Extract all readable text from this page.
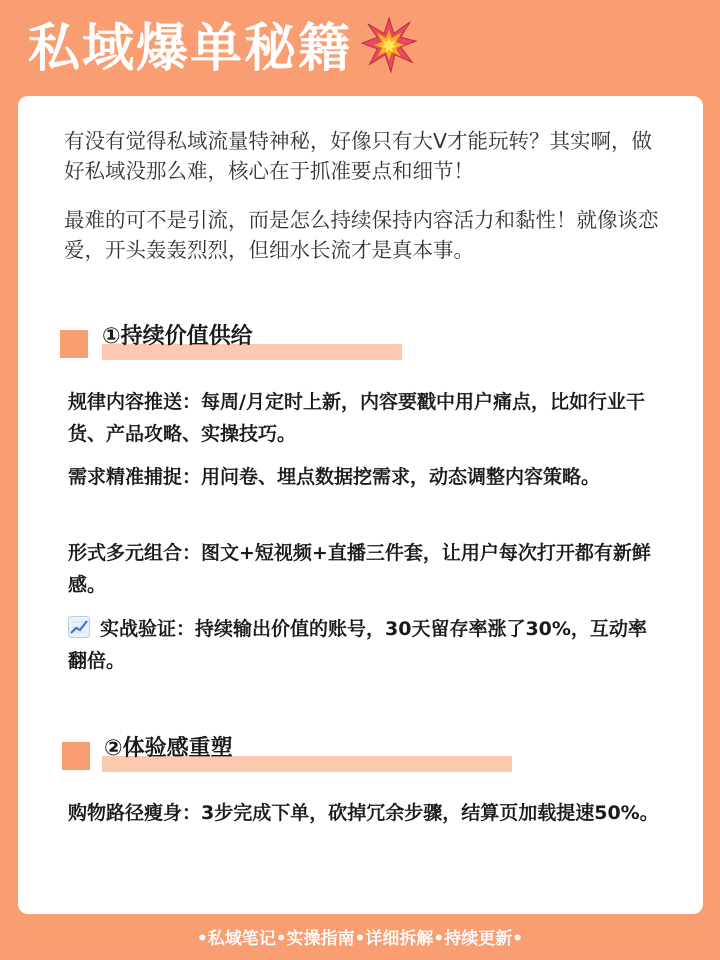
私域爆单秘籍

有没有觉得私域流量特神秘，好像只有大V才能玩转？其实啊，做好私域没那么难，核心在于抓准要点和细节！

最难的可不是引流，而是怎么持续保持内容活力和黏性！就像谈恋爱，开头轰轰烈烈，但细水长流才是真本事。

①持续价值供给

规律内容推送：每周/月定时上新，内容要戳中用户痛点，比如行业干货、产品攻略、实操技巧。

需求精准捕捉：用问卷、埋点数据挖需求，动态调整内容策略。

形式多元组合：图文+短视频+直播三件套，让用户每次打开都有新鲜感。

实战验证：持续输出价值的账号，30天留存率涨了30%，互动率翻倍。

②体验感重塑

购物路径瘦身：3步完成下单，砍掉冗余步骤，结算页加载提速50%。

•私域笔记•实操指南•详细拆解•持续更新•
